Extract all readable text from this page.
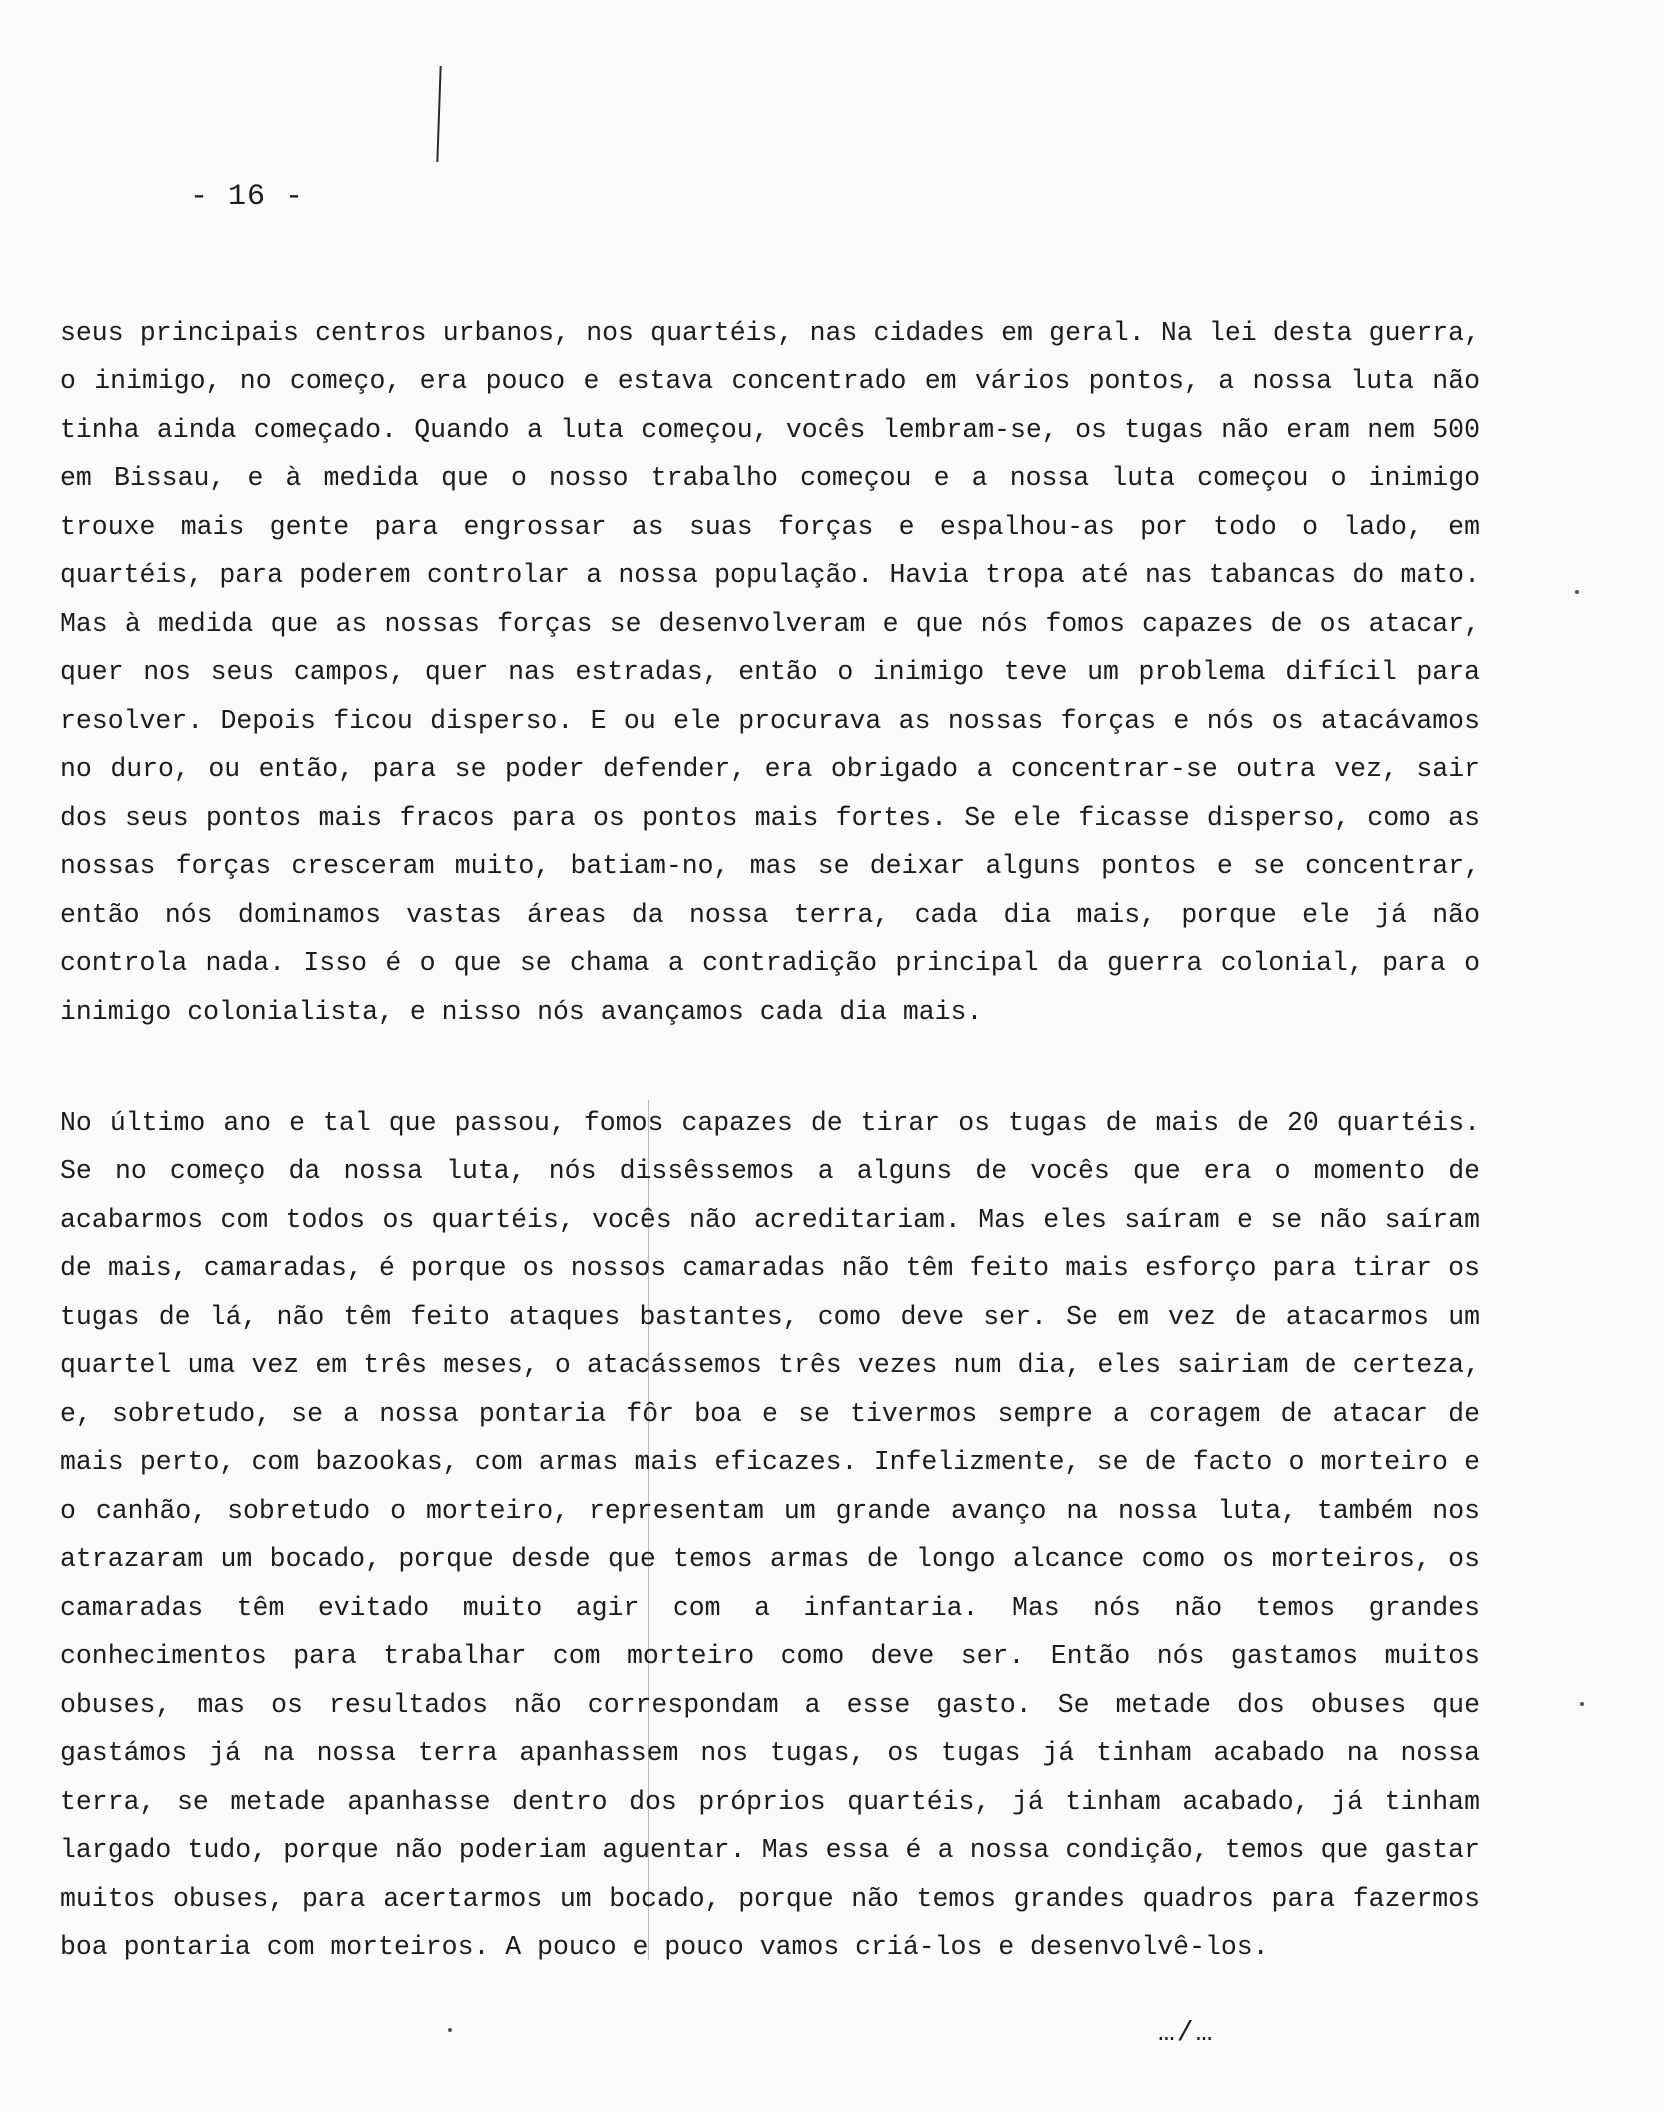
- 16 -

seus principais centros urbanos, nos quartéis, nas cidades em geral. Na lei desta guerra, o inimigo, no começo, era pouco e estava concentrado em vários pontos, a nossa luta não tinha ainda começado. Quando a luta começou, vocês lembram-se, os tugas não eram nem 500 em Bissau, e à medida que o nosso trabalho começou e a nossa luta começou o inimigo trouxe mais gente para engrossar as suas forças e espalhou-as por todo o lado, em quartéis, para poderem controlar a nossa população. Havia tropa até nas tabancas do mato. Mas à medida que as nossas forças se desenvolveram e que nós fomos capazes de os atacar, quer nos seus campos, quer nas estradas, então o inimigo teve um problema difícil para resolver. Depois ficou disperso. E ou ele procurava as nossas forças e nós os atacávamos no duro, ou então, para se poder defender, era obrigado a concentrar-se outra vez, sair dos seus pontos mais fracos para os pontos mais fortes. Se ele ficasse disperso, como as nossas forças cresceram muito, batiam-no, mas se deixar alguns pontos e se concentrar, então nós dominamos vastas áreas da nossa terra, cada dia mais, porque ele já não controla nada. Isso é o que se chama a contradição principal da guerra colonial, para o inimigo colonialista, e nisso nós avançamos cada dia mais.

No último ano e tal que passou, fomos capazes de tirar os tugas de mais de 20 quartéis. Se no começo da nossa luta, nós dissêssemos a alguns de vocês que era o momento de acabarmos com todos os quartéis, vocês não acreditariam. Mas eles saíram e se não saíram de mais, camaradas, é porque os nossos camaradas não têm feito mais esforço para tirar os tugas de lá, não têm feito ataques bastantes, como deve ser. Se em vez de atacarmos um quartel uma vez em três meses, o atacássemos três vezes num dia, eles sairiam de certeza, e, sobretudo, se a nossa pontaria fôr boa e se tivermos sempre a coragem de atacar de mais perto, com bazookas, com armas mais eficazes. Infelizmente, se de facto o morteiro e o canhão, sobretudo o morteiro, representam um grande avanço na nossa luta, também nos atrazaram um bocado, porque desde que temos armas de longo alcance como os morteiros, os camaradas têm evitado muito agir com a infantaria. Mas nós não temos grandes conhecimentos para trabalhar com morteiro como deve ser. Então nós gastamos muitos obuses, mas os resultados não correspondam a esse gasto. Se metade dos obuses que gastámos já na nossa terra apanhassem nos tugas, os tugas já tinham acabado na nossa terra, se metade apanhasse dentro dos próprios quartéis, já tinham acabado, já tinham largado tudo, porque não poderiam aguentar. Mas essa é a nossa condição, temos que gastar muitos obuses, para acertarmos um bocado, porque não temos grandes quadros para fazermos boa pontaria com morteiros. A pouco e pouco vamos criá-los e desenvolvê-los.

…/…
